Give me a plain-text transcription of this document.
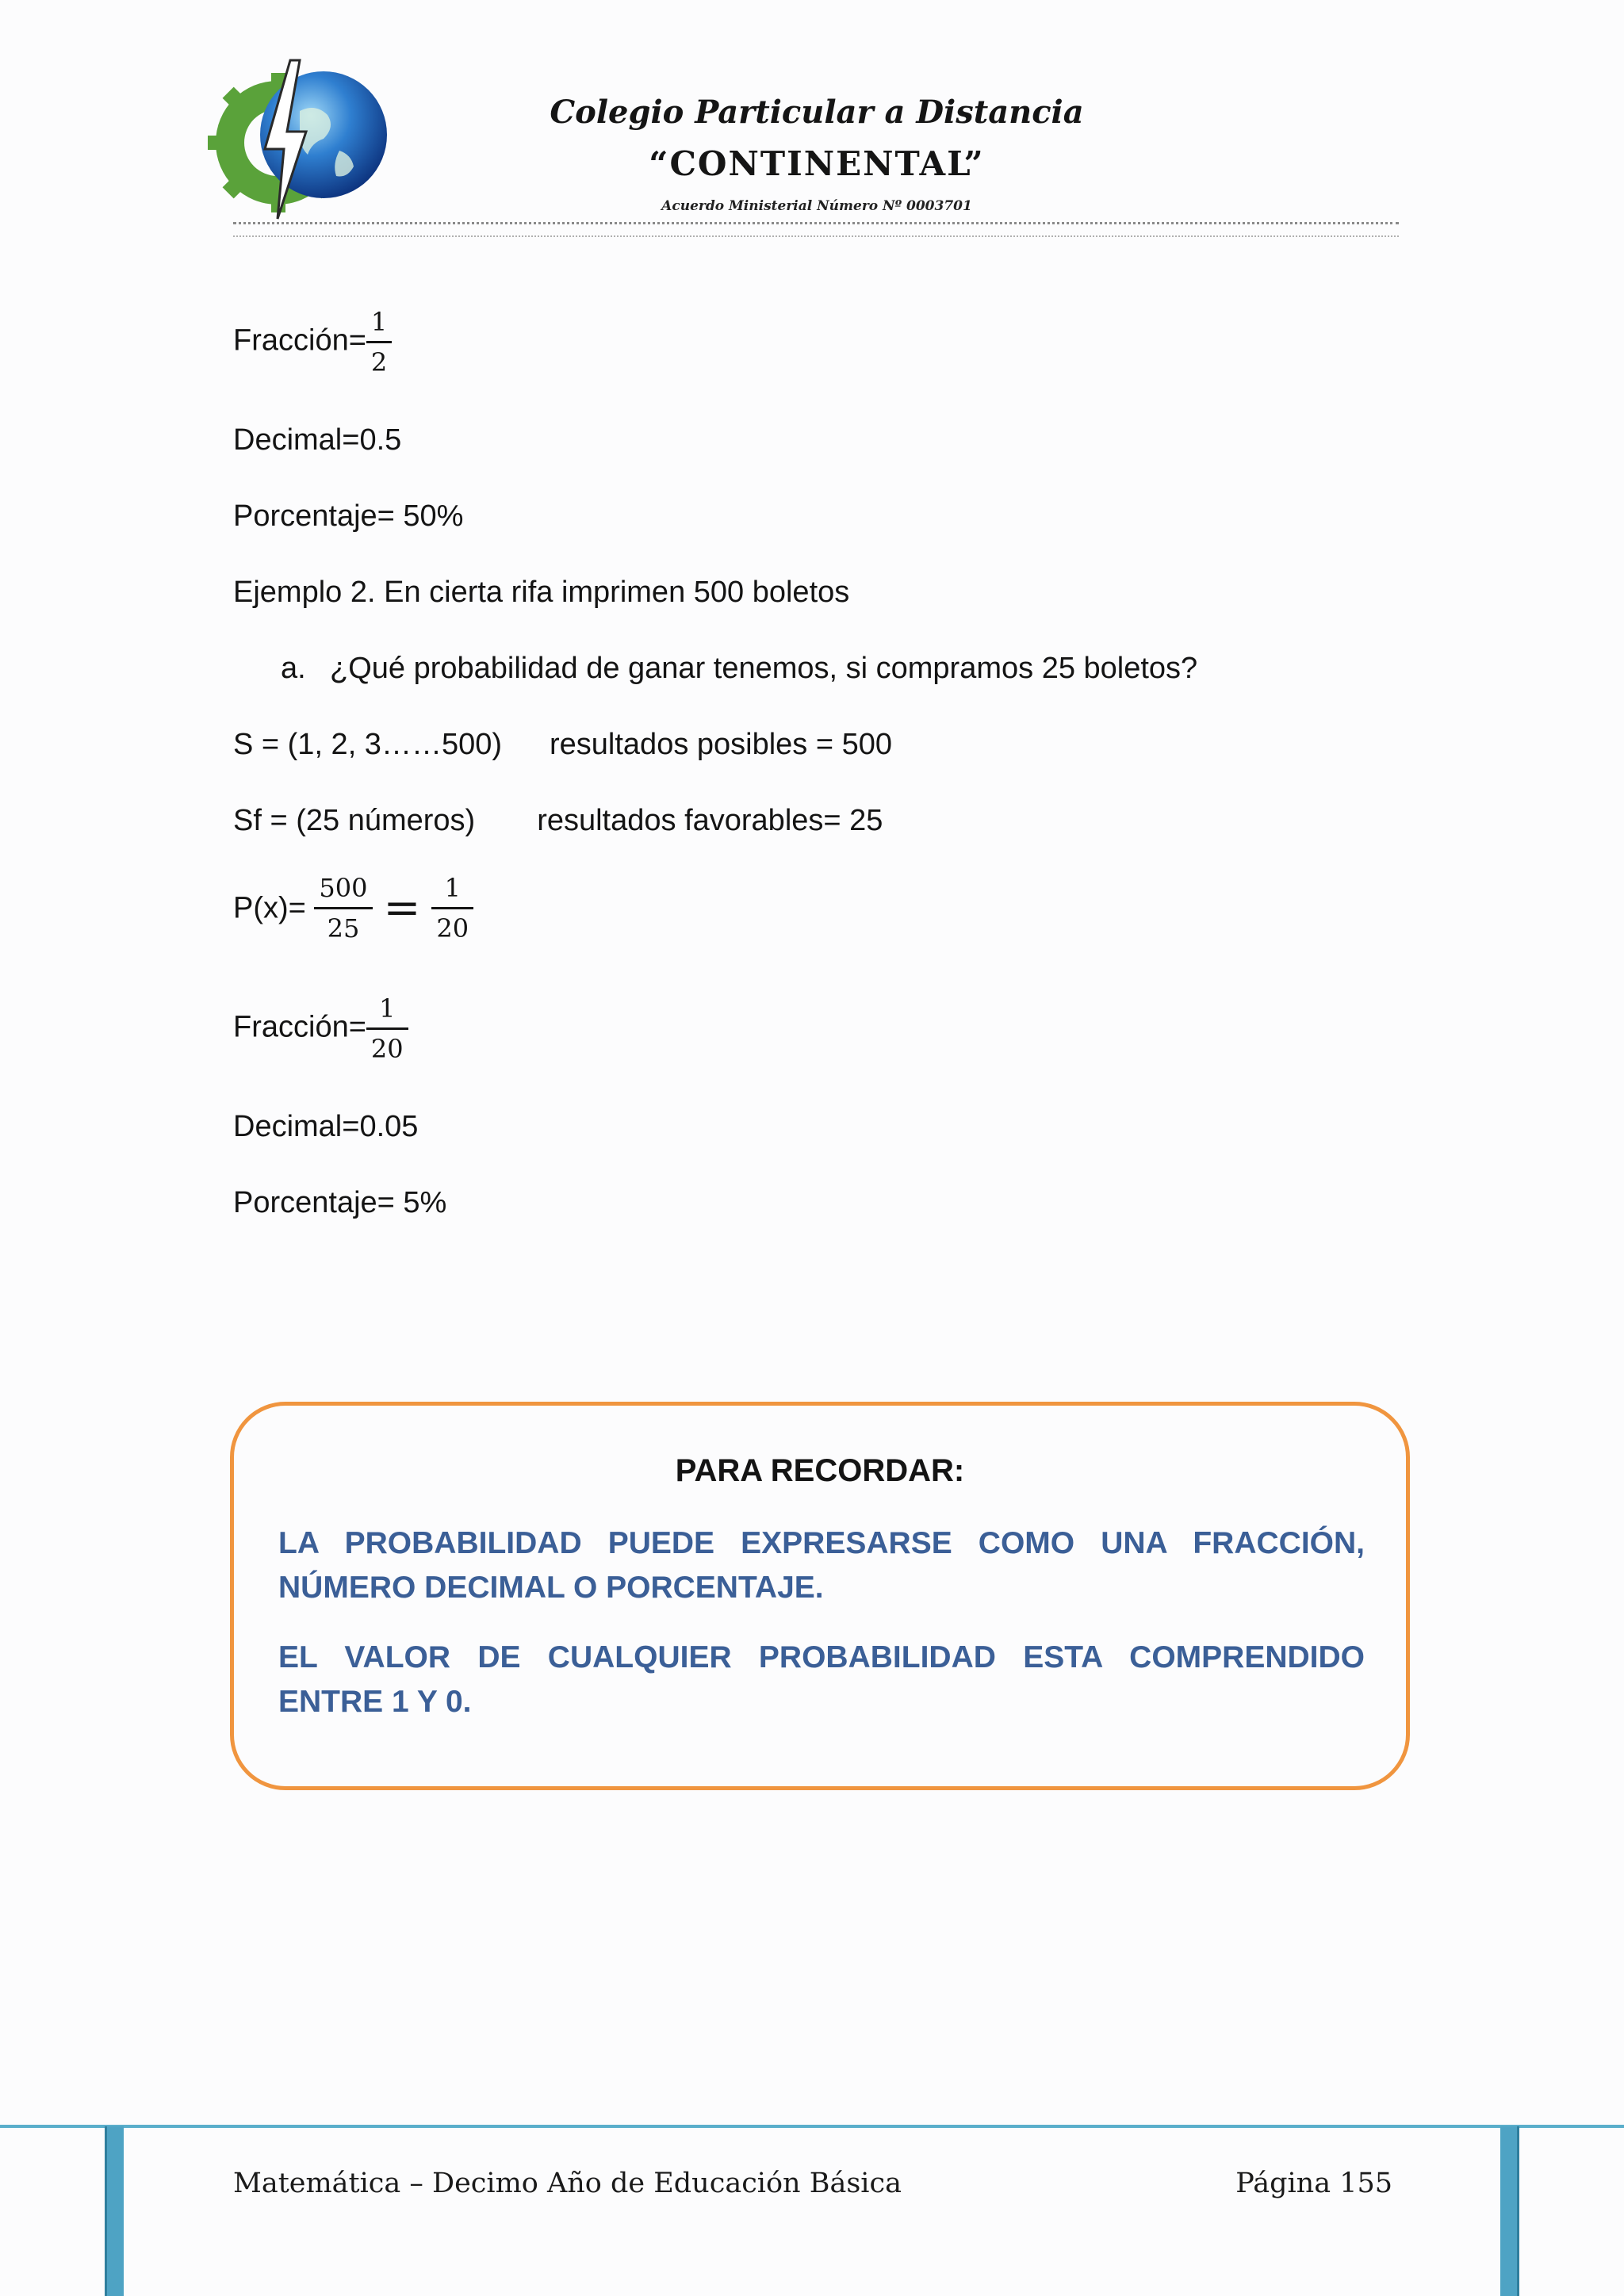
Colegio Particular a Distancia
“CONTINENTAL”
Acuerdo Ministerial Número Nº 0003701
Fracción= $\frac{1}{2}$
Decimal=0.5
Porcentaje= 50%
Ejemplo 2. En cierta rifa imprimen 500 boletos
a. ¿Qué probabilidad de ganar tenemos, si compramos 25 boletos?
S = (1, 2, 3……500) resultados posibles = 500
Sf = (25 números) resultados favorables= 25
$P(x)= \frac{500}{25} = \frac{1}{20}$
Fracción= $\frac{1}{20}$
Decimal=0.05
Porcentaje= 5%
PARA RECORDAR:
LA PROBABILIDAD PUEDE EXPRESARSE COMO UNA FRACCIÓN, NÚMERO DECIMAL O PORCENTAJE.
EL VALOR DE CUALQUIER PROBABILIDAD ESTA COMPRENDIDO ENTRE 1 Y 0.
Matemática – Decimo Año de Educación Básica	Página 155
